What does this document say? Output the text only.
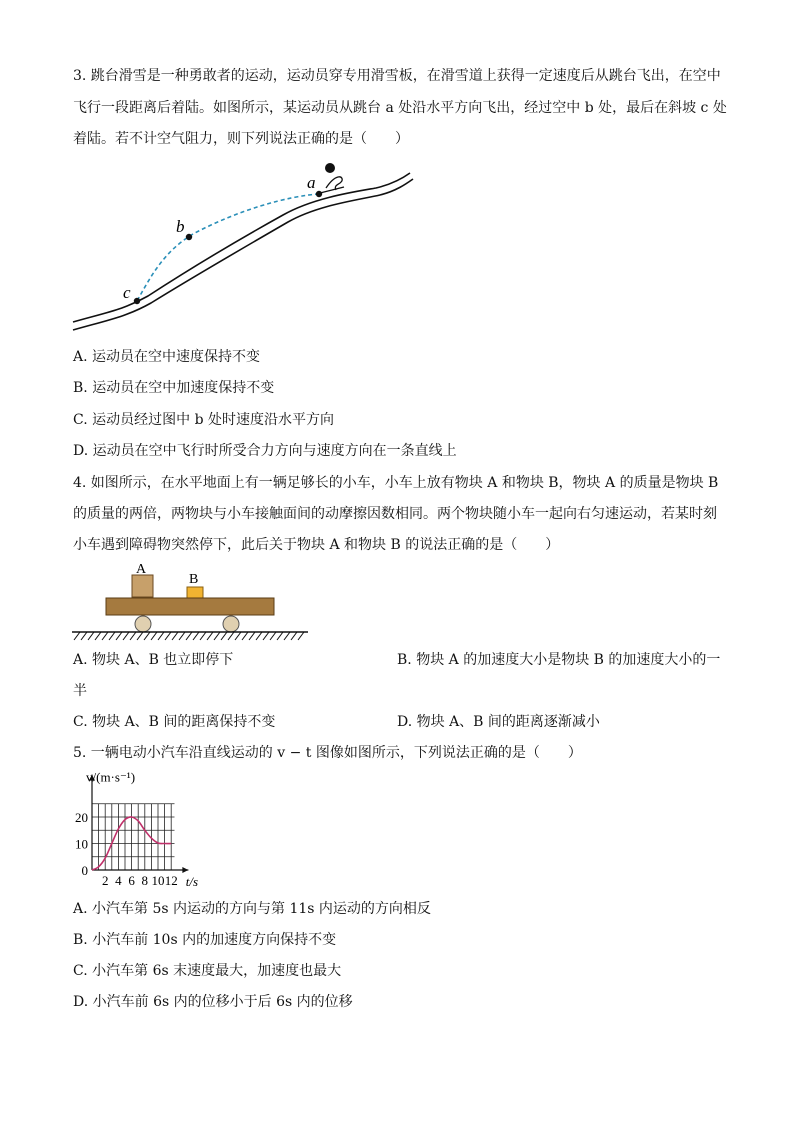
3. 跳台滑雪是一种勇敢者的运动，运动员穿专用滑雪板，在滑雪道上获得一定速度后从跳台飞出，在空中
飞行一段距离后着陆。如图所示，某运动员从跳台 a 处沿水平方向飞出，经过空中 b 处，最后在斜坡 c 处
着陆。若不计空气阻力，则下列说法正确的是（　　）
a
b
c
A. 运动员在空中速度保持不变
B. 运动员在空中加速度保持不变
C. 运动员经过图中 b 处时速度沿水平方向
D. 运动员在空中飞行时所受合力方向与速度方向在一条直线上
4. 如图所示，在水平地面上有一辆足够长的小车，小车上放有物块 A 和物块 B，物块 A 的质量是物块 B
的质量的两倍，两物块与小车接触面间的动摩擦因数相同。两个物块随小车一起向右匀速运动，若某时刻
小车遇到障碍物突然停下，此后关于物块 A 和物块 B 的说法正确的是（　　）
A
B
A. 物块 A、B 也立即停下	B. 物块 A 的加速度大小是物块 B 的加速度大小的一
半
C. 物块 A、B 间的距离保持不变	D. 物块 A、B 间的距离逐渐减小
5. 一辆电动小汽车沿直线运动的 v − t 图像如图所示，下列说法正确的是（　　）
2 4 6 8 10 12
0
10
20
v/(m·s⁻¹)
t/s
A. 小汽车第 5s 内运动的方向与第 11s 内运动的方向相反
B. 小汽车前 10s 内的加速度方向保持不变
C. 小汽车第 6s 末速度最大，加速度也最大
D. 小汽车前 6s 内的位移小于后 6s 内的位移
